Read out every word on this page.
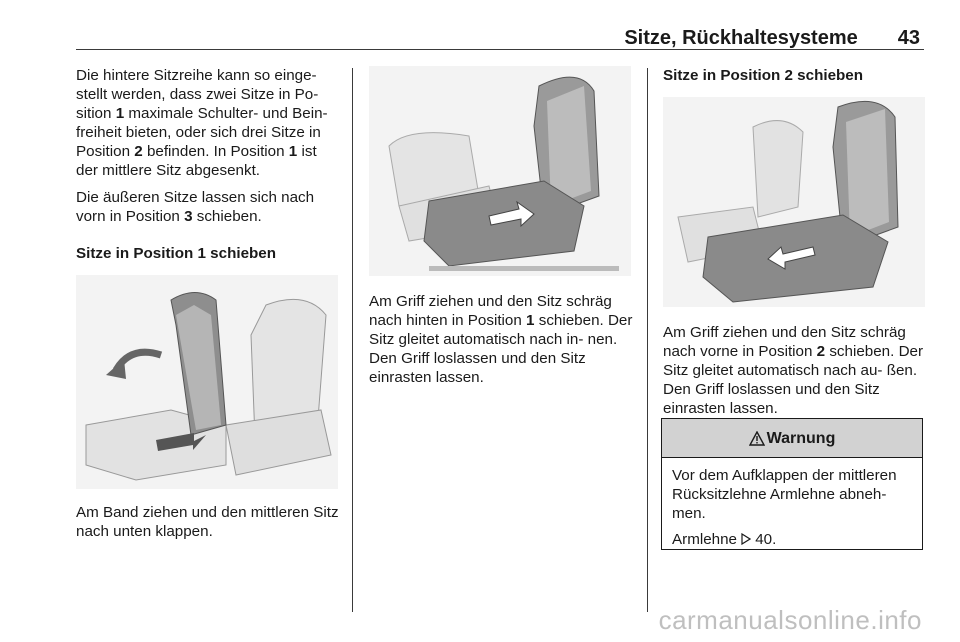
Sitze, Rückhaltesysteme 43

Die hintere Sitzreihe kann so einge- stellt werden, dass zwei Sitze in Po- sition 1 maximale Schulter- und Bein- freiheit bieten, oder sich drei Sitze in Position 2 befinden. In Position 1 ist der mittlere Sitz abgesenkt.

Die äußeren Sitze lassen sich nach vorn in Position 3 schieben.

Sitze in Position 1 schieben

Am Band ziehen und den mittleren Sitz nach unten klappen.

Am Griff ziehen und den Sitz schräg nach hinten in Position 1 schieben. Der Sitz gleitet automatisch nach in- nen. Den Griff loslassen und den Sitz einrasten lassen.

Sitze in Position 2 schieben

Am Griff ziehen und den Sitz schräg nach vorne in Position 2 schieben. Der Sitz gleitet automatisch nach au- ßen. Den Griff loslassen und den Sitz einrasten lassen.

Warnung

Vor dem Aufklappen der mittleren Rücksitzlehne Armlehne abneh- men.

Armlehne 40.

carmanualsonline.info
